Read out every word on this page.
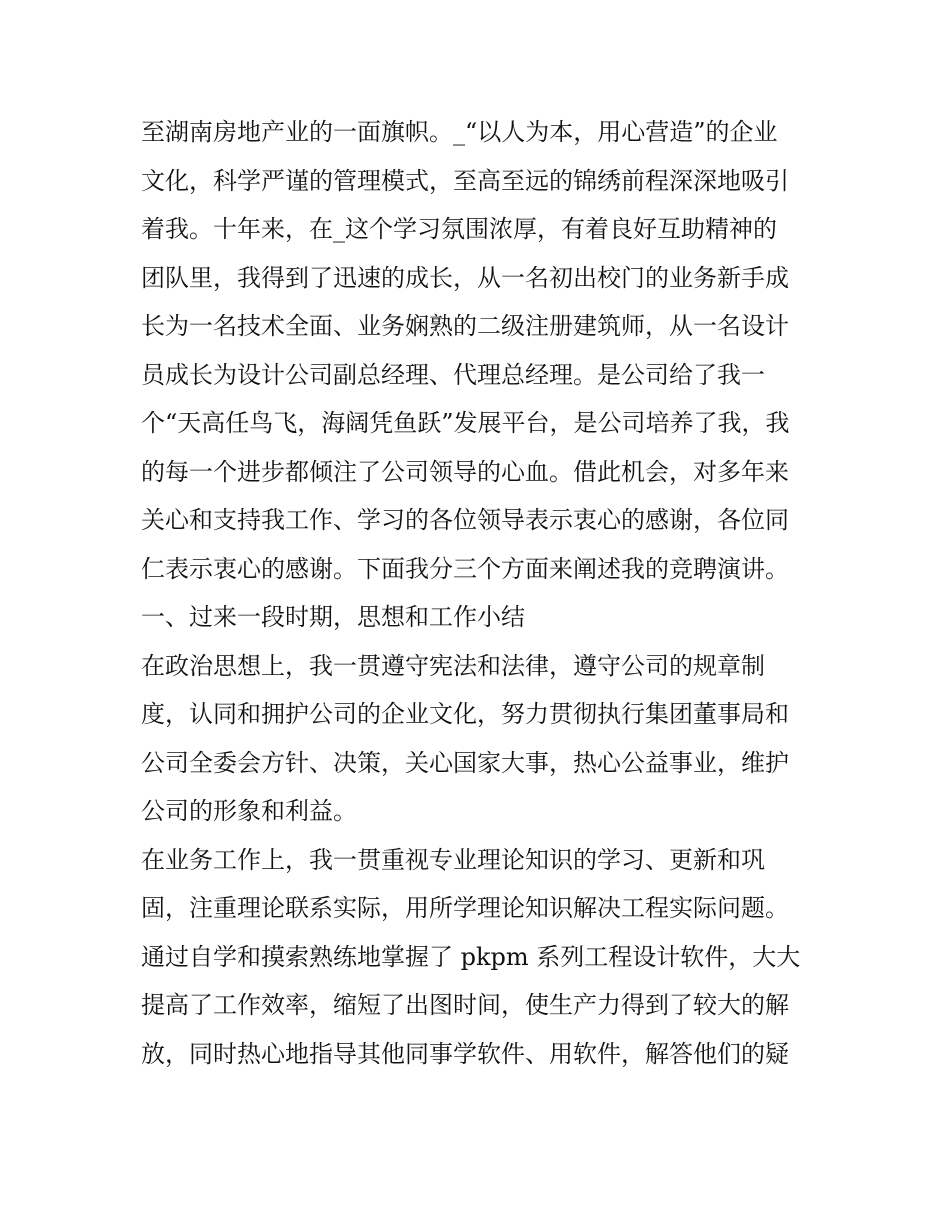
至湖南房地产业的一面旗帜。_“以人为本，用心营造”的企业
文化，科学严谨的管理模式，至高至远的锦绣前程深深地吸引
着我。十年来，在_这个学习氛围浓厚，有着良好互助精神的
团队里，我得到了迅速的成长，从一名初出校门的业务新手成
长为一名技术全面、业务娴熟的二级注册建筑师，从一名设计
员成长为设计公司副总经理、代理总经理。是公司给了我一
个“天高任鸟飞，海阔凭鱼跃”发展平台，是公司培养了我，我
的每一个进步都倾注了公司领导的心血。借此机会，对多年来
关心和支持我工作、学习的各位领导表示衷心的感谢，各位同
仁表示衷心的感谢。下面我分三个方面来阐述我的竞聘演讲。
一、过来一段时期，思想和工作小结
在政治思想上，我一贯遵守宪法和法律，遵守公司的规章制
度，认同和拥护公司的企业文化，努力贯彻执行集团董事局和
公司全委会方针、决策，关心国家大事，热心公益事业，维护
公司的形象和利益。
在业务工作上，我一贯重视专业理论知识的学习、更新和巩
固，注重理论联系实际，用所学理论知识解决工程实际问题。
通过自学和摸索熟练地掌握了 pkpm 系列工程设计软件，大大
提高了工作效率，缩短了出图时间，使生产力得到了较大的解
放，同时热心地指导其他同事学软件、用软件，解答他们的疑
